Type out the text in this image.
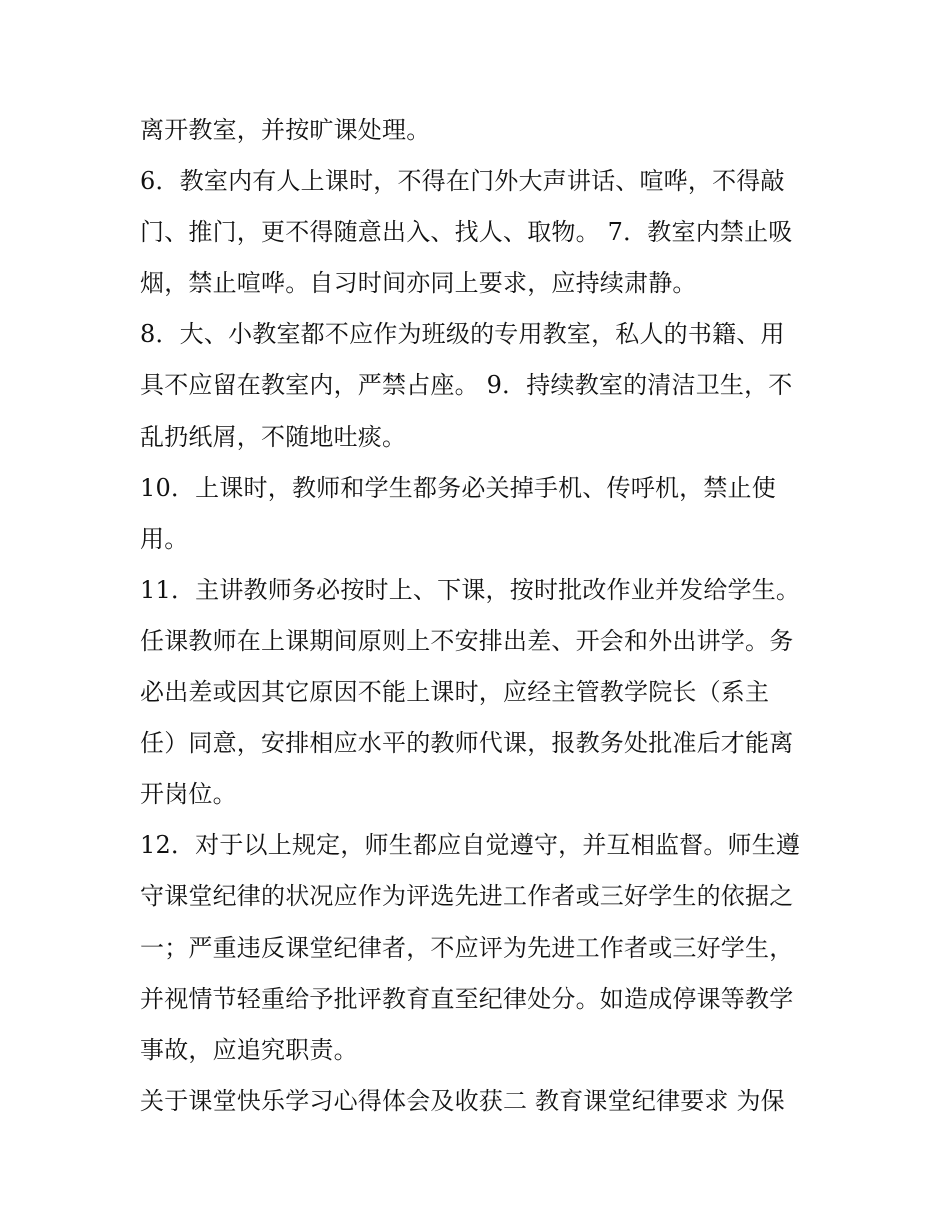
离开教室，并按旷课处理。
6．教室内有人上课时，不得在门外大声讲话、喧哗，不得敲
门、推门，更不得随意出入、找人、取物。 7．教室内禁止吸
烟，禁止喧哗。自习时间亦同上要求，应持续肃静。
8．大、小教室都不应作为班级的专用教室，私人的书籍、用
具不应留在教室内，严禁占座。 9．持续教室的清洁卫生，不
乱扔纸屑，不随地吐痰。
10．上课时，教师和学生都务必关掉手机、传呼机，禁止使
用。
11．主讲教师务必按时上、下课，按时批改作业并发给学生。
任课教师在上课期间原则上不安排出差、开会和外出讲学。务
必出差或因其它原因不能上课时，应经主管教学院长（系主
任）同意，安排相应水平的教师代课，报教务处批准后才能离
开岗位。
12．对于以上规定，师生都应自觉遵守，并互相监督。师生遵
守课堂纪律的状况应作为评选先进工作者或三好学生的依据之
一；严重违反课堂纪律者，不应评为先进工作者或三好学生，
并视情节轻重给予批评教育直至纪律处分。如造成停课等教学
事故，应追究职责。
关于课堂快乐学习心得体会及收获二 教育课堂纪律要求 为保
